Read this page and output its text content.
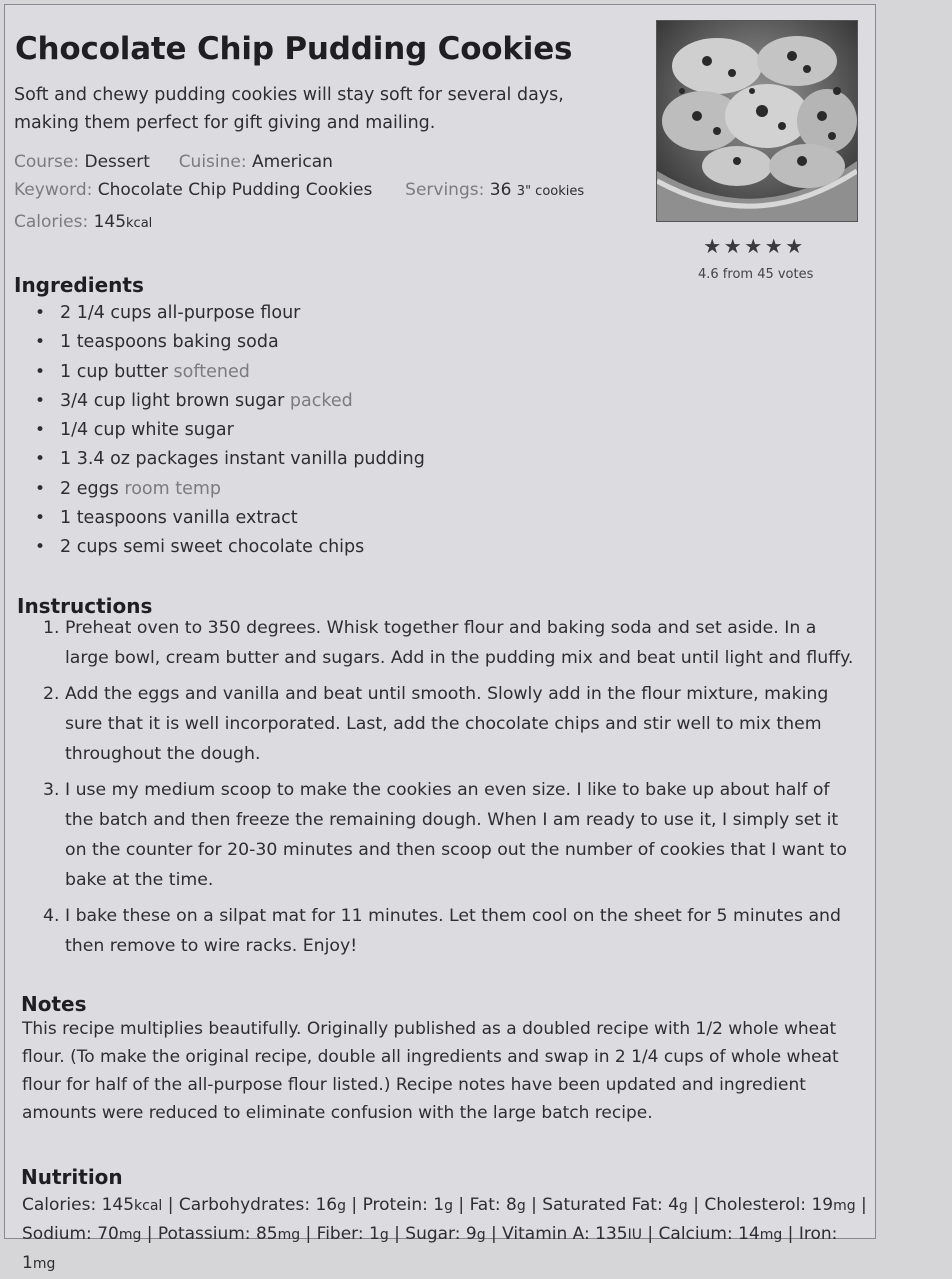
Chocolate Chip Pudding Cookies
Soft and chewy pudding cookies will stay soft for several days, making them perfect for gift giving and mailing.
Course: Dessert Cuisine: American
Keyword: Chocolate Chip Pudding Cookies Servings: 36 3" cookies
Calories: 145kcal
★ ★ ★ ★ ★
4.6 from 45 votes
Ingredients
• 2 1/4 cups all-purpose flour
• 1 teaspoons baking soda
• 1 cup butter softened
• 3/4 cup light brown sugar packed
• 1/4 cup white sugar
• 1 3.4 oz packages instant vanilla pudding
• 2 eggs room temp
• 1 teaspoons vanilla extract
• 2 cups semi sweet chocolate chips
Instructions
1. Preheat oven to 350 degrees. Whisk together flour and baking soda and set aside. In a large bowl, cream butter and sugars. Add in the pudding mix and beat until light and fluffy.
2. Add the eggs and vanilla and beat until smooth. Slowly add in the flour mixture, making sure that it is well incorporated. Last, add the chocolate chips and stir well to mix them throughout the dough.
3. I use my medium scoop to make the cookies an even size. I like to bake up about half of the batch and then freeze the remaining dough. When I am ready to use it, I simply set it on the counter for 20-30 minutes and then scoop out the number of cookies that I want to bake at the time.
4. I bake these on a silpat mat for 11 minutes. Let them cool on the sheet for 5 minutes and then remove to wire racks. Enjoy!
Notes
This recipe multiplies beautifully. Originally published as a doubled recipe with 1/2 whole wheat flour. (To make the original recipe, double all ingredients and swap in 2 1/4 cups of whole wheat flour for half of the all-purpose flour listed.) Recipe notes have been updated and ingredient amounts were reduced to eliminate confusion with the large batch recipe.
Nutrition
Calories: 145kcal | Carbohydrates: 16g | Protein: 1g | Fat: 8g | Saturated Fat: 4g | Cholesterol: 19mg | Sodium: 70mg | Potassium: 85mg | Fiber: 1g | Sugar: 9g | Vitamin A: 135IU | Calcium: 14mg | Iron: 1mg
